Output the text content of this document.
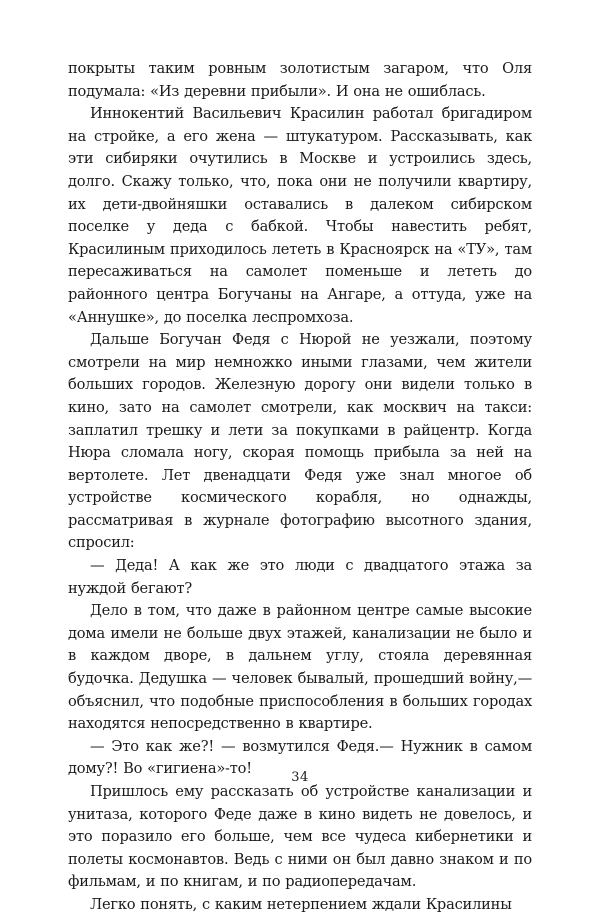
покрыты таким ровным золотистым загаром, что Оля подумала: «Из деревни прибыли». И она не ошиблась.

Иннокентий Васильевич Красилин работал бригадиром на стройке, а его жена — штукатуром. Рассказывать, как эти сибиряки очутились в Москве и устроились здесь, долго. Скажу только, что, пока они не получили квартиру, их дети-двойняшки оставались в далеком сибирском поселке у деда с бабкой. Чтобы навестить ребят, Красилиным приходилось лететь в Красноярск на «ТУ», там пересаживаться на самолет поменьше и лететь до районного центра Богучаны на Ангаре, а оттуда, уже на «Аннушке», до поселка леспромхоза.

Дальше Богучан Федя с Нюрой не уезжали, поэтому смотрели на мир немножко иными глазами, чем жители больших городов. Железную дорогу они видели только в кино, зато на самолет смотрели, как москвич на такси: заплатил трешку и лети за покупками в райцентр. Когда Нюра сломала ногу, скорая помощь прибыла за ней на вертолете. Лет двенадцати Федя уже знал многое об устройстве космического корабля, но однажды, рассматривая в журнале фотографию высотного здания, спросил:

— Деда! А как же это люди с двадцатого этажа за нуждой бегают?

Дело в том, что даже в районном центре самые высокие дома имели не больше двух этажей, канализации не было и в каждом дворе, в дальнем углу, стояла деревянная будочка. Дедушка — человек бывалый, прошедший войну,— объяснил, что подобные приспособления в больших городах находятся непосредственно в квартире.

— Это как же?! — возмутился Федя.— Нужник в самом дому?! Во «гигиена»-то!

Пришлось ему рассказать об устройстве канализации и унитаза, которого Феде даже в кино видеть не довелось, и это поразило его больше, чем все чудеса кибернетики и полеты космонавтов. Ведь с ними он был давно знаком и по фильмам, и по книгам, и по радиопередачам.

Легко понять, с каким нетерпением ждали Красилины

34
